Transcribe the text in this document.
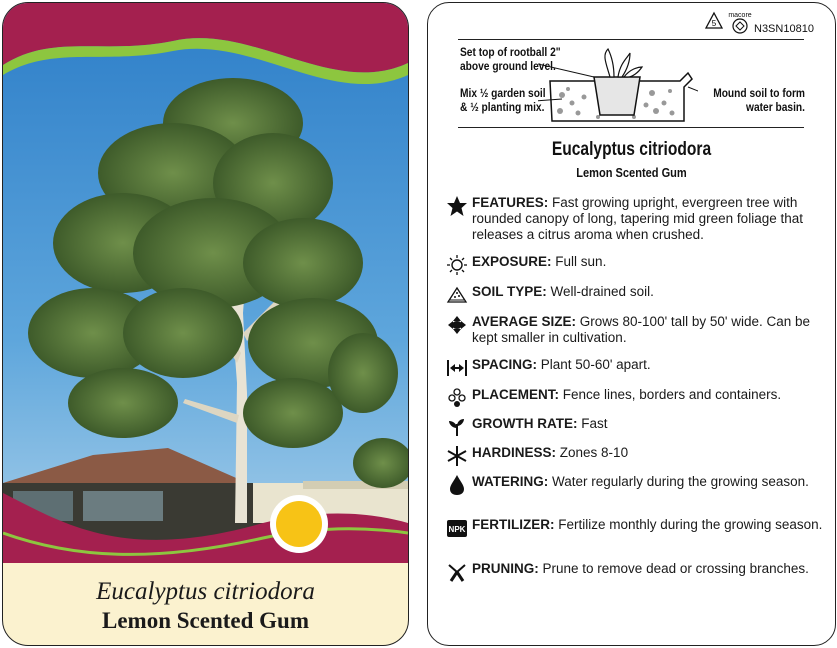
Eucalyptus citriodora
Lemon Scented Gum
5
macore
N3SN10810
Set top of rootball 2"
above ground level.
Mix ½ garden soil
& ½ planting mix.
Mound soil to form
water basin.
Eucalyptus citriodora
Lemon Scented Gum
FEATURES: Fast growing upright, evergreen tree with rounded canopy of long, tapering mid green foliage that releases a citrus aroma when crushed.
EXPOSURE: Full sun.
SOIL TYPE: Well-drained soil.
AVERAGE SIZE: Grows 80-100' tall by 50' wide. Can be kept smaller in cultivation.
SPACING: Plant 50-60' apart.
PLACEMENT: Fence lines, borders and containers.
GROWTH RATE: Fast
HARDINESS: Zones 8-10
WATERING: Water regularly during the growing season.
NPK FERTILIZER: Fertilize monthly during the growing season.
PRUNING: Prune to remove dead or crossing branches.
